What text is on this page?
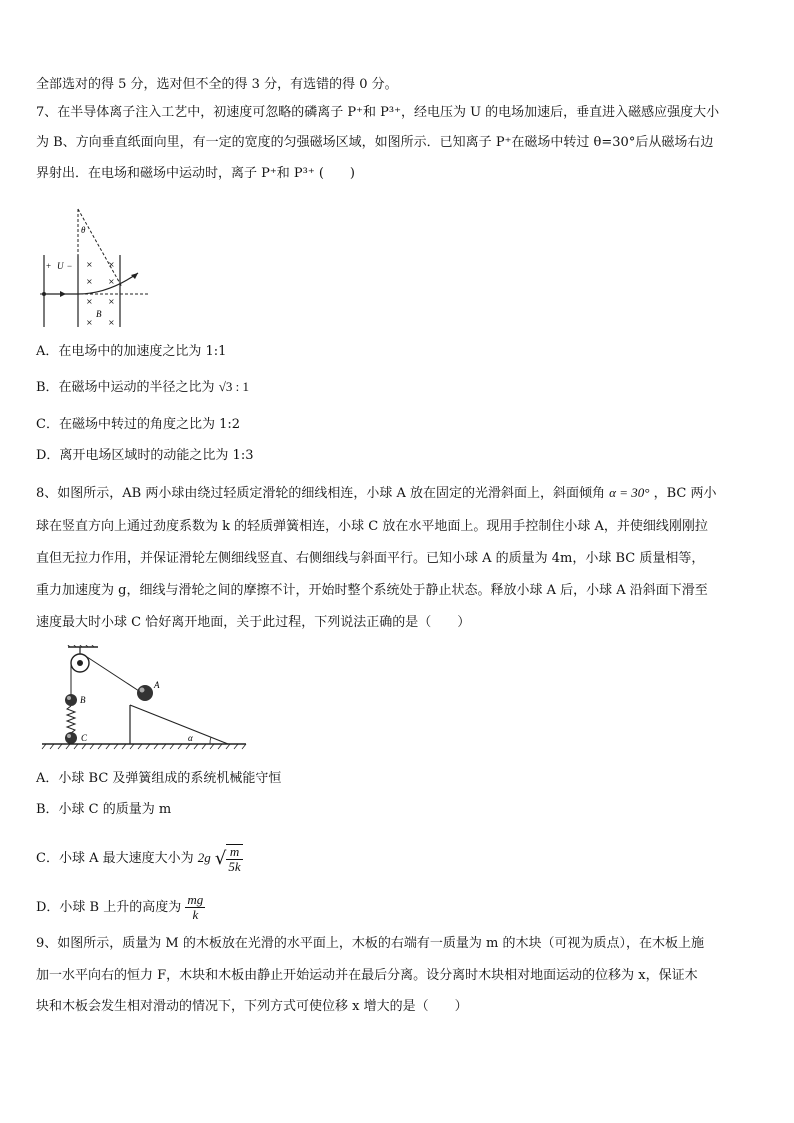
全部选对的得 5 分，选对但不全的得 3 分，有选错的得 0 分。
7、在半导体离子注入工艺中，初速度可忽略的磷离子 P⁺和 P³⁺，经电压为 U 的电场加速后，垂直进入磁感应强度大小
为 B、方向垂直纸面向里，有一定的宽度的匀强磁场区域，如图所示．已知离子 P⁺在磁场中转过 θ=30°后从磁场右边
界射出．在电场和磁场中运动时，离子 P⁺和 P³⁺ (　　)
θ
+ U − × ×
× ×
× ×
× ×
B
A．在电场中的加速度之比为 1:1
B．在磁场中运动的半径之比为 √3 : 1
C．在磁场中转过的角度之比为 1:2
D．离开电场区域时的动能之比为 1:3
8、如图所示，AB 两小球由绕过轻质定滑轮的细线相连，小球 A 放在固定的光滑斜面上，斜面倾角 α = 30° ，BC 两小
球在竖直方向上通过劲度系数为 k 的轻质弹簧相连，小球 C 放在水平地面上。现用手控制住小球 A，并使细线刚刚拉
直但无拉力作用，并保证滑轮左侧细线竖直、右侧细线与斜面平行。已知小球 A 的质量为 4m，小球 BC 质量相等，
重力加速度为 g，细线与滑轮之间的摩擦不计，开始时整个系统处于静止状态。释放小球 A 后，小球 A 沿斜面下滑至
速度最大时小球 C 恰好离开地面，关于此过程，下列说法正确的是（　　）
B
C
A
α
A．小球 BC 及弹簧组成的系统机械能守恒
B．小球 C 的质量为 m
C．小球 A 最大速度大小为 2g √ $\frac{m}{5k}$
D．小球 B 上升的高度为 $\frac{mg}{k}$
9、如图所示，质量为 M 的木板放在光滑的水平面上，木板的右端有一质量为 m 的木块（可视为质点），在木板上施
加一水平向右的恒力 F，木块和木板由静止开始运动并在最后分离。设分离时木块相对地面运动的位移为 x，保证木
块和木板会发生相对滑动的情况下，下列方式可使位移 x 增大的是（　　）
